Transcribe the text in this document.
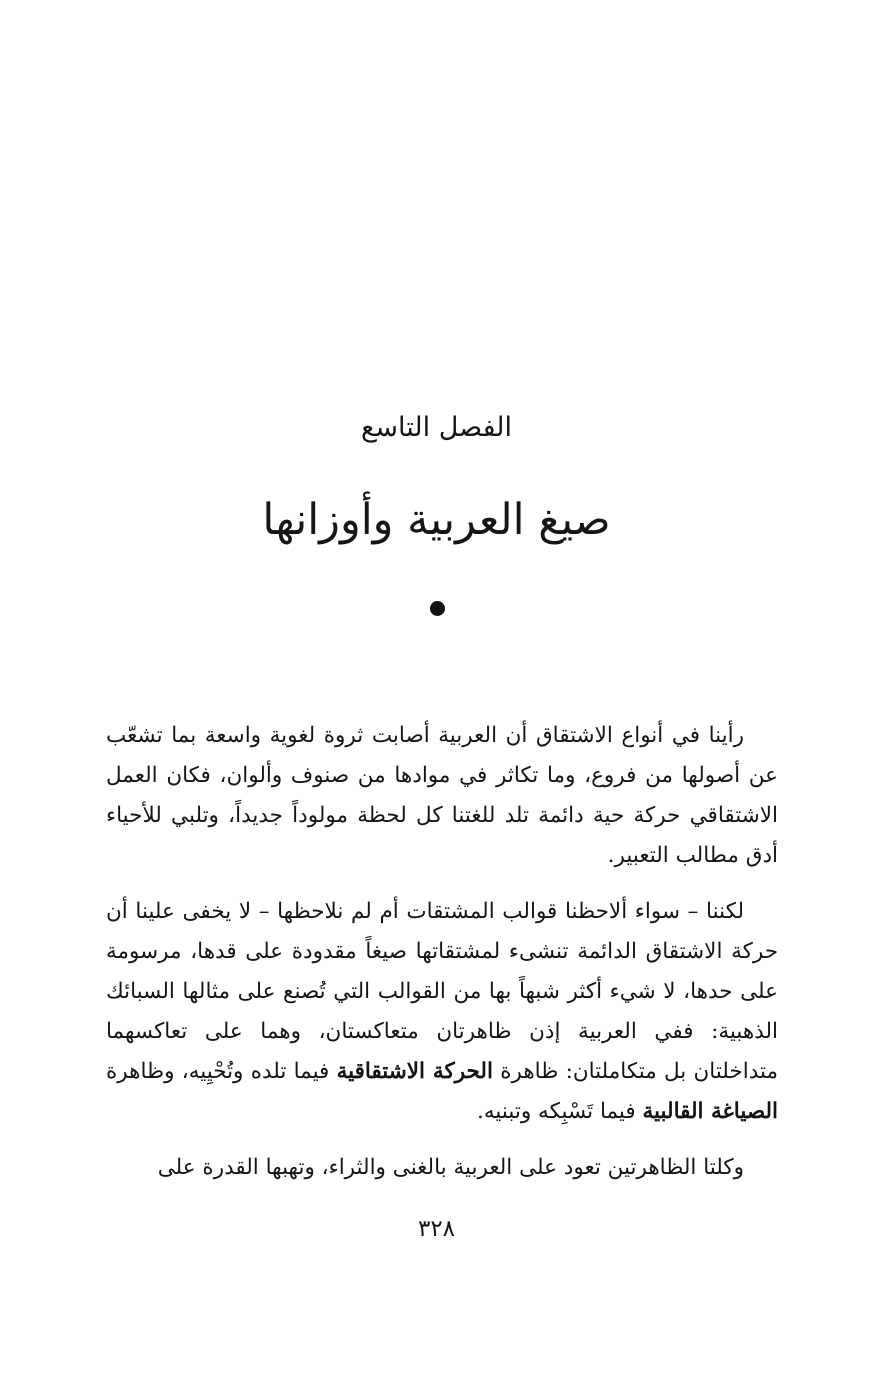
الفصل التاسع
صيغ العربية وأوزانها

رأينا في أنواع الاشتقاق أن العربية أصابت ثروة لغوية واسعة بما تشعّب عن أصولها من فروع، وما تكاثر في موادها من صنوف وألوان، فكان العمل الاشتقاقي حركة حية دائمة تلد للغتنا كل لحظة مولوداً جديداً، وتلبي للأحياء أدق مطالب التعبير.

لكننا – سواء ألاحظنا قوالب المشتقات أم لم نلاحظها – لا يخفى علينا أن حركة الاشتقاق الدائمة تنشىء لمشتقاتها صيغاً مقدودة على قدها، مرسومة على حدها، لا شيء أكثر شبهاً بها من القوالب التي تُصنع على مثالها السبائك الذهبية: ففي العربية إذن ظاهرتان متعاكستان، وهما على تعاكسهما متداخلتان بل متكاملتان: ظاهرة الحركة الاشتقاقية فيما تلده وتُحْيِيه، وظاهرة الصياغة القالبية فيما تَسْبِكه وتبنيه.

وكلتا الظاهرتين تعود على العربية بالغنى والثراء، وتهبها القدرة على

٣٢٨
